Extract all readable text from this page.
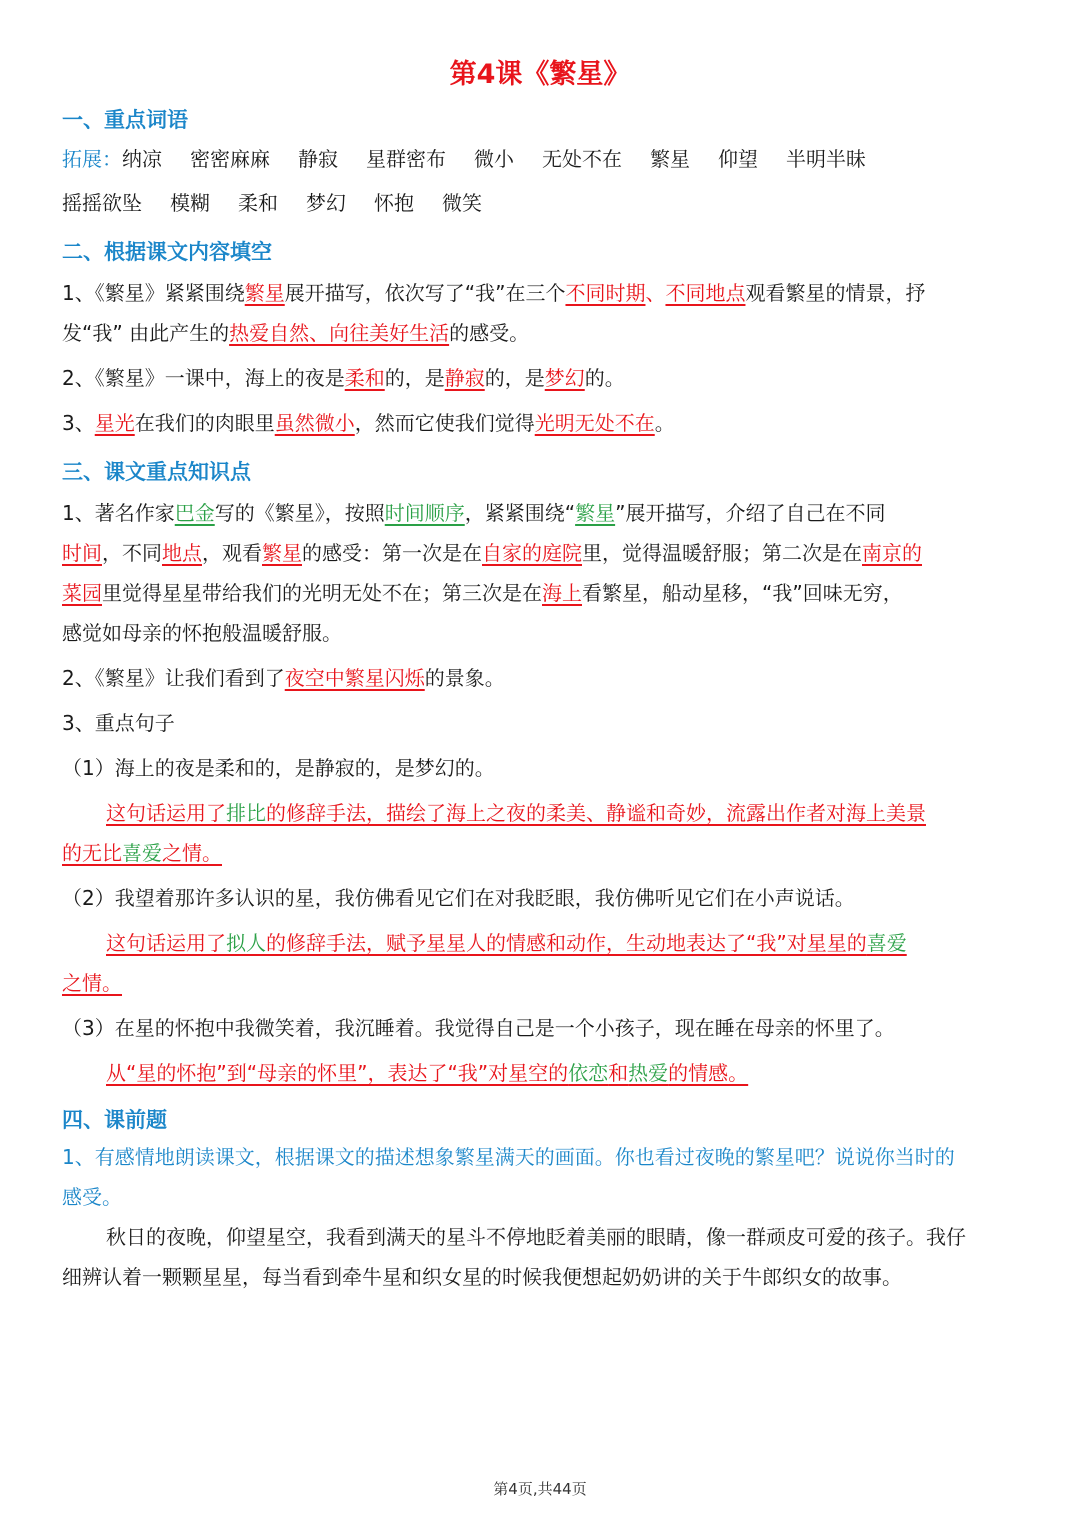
第4课《繁星》
一、重点词语
拓展：纳凉 密密麻麻 静寂 星群密布 微小 无处不在 繁星 仰望 半明半昧
摇摇欲坠 模糊 柔和 梦幻 怀抱 微笑
二、根据课文内容填空
1、《繁星》紧紧围绕繁星展开描写，依次写了“我”在三个不同时期、不同地点观看繁星的情景，抒
发“我” 由此产生的热爱自然、向往美好生活的感受。
2、《繁星》一课中，海上的夜是柔和的，是静寂的，是梦幻的。
3、星光在我们的肉眼里虽然微小，然而它使我们觉得光明无处不在。
三、课文重点知识点
1、著名作家巴金写的《繁星》，按照时间顺序，紧紧围绕“繁星”展开描写，介绍了自己在不同
时间，不同地点，观看繁星的感受：第一次是在自家的庭院里，觉得温暖舒服；第二次是在南京的
菜园里觉得星星带给我们的光明无处不在；第三次是在海上看繁星，船动星移，“我”回味无穷，
感觉如母亲的怀抱般温暖舒服。
2、《繁星》让我们看到了夜空中繁星闪烁的景象。
3、重点句子
（1）海上的夜是柔和的，是静寂的，是梦幻的。
这句话运用了排比的修辞手法，描绘了海上之夜的柔美、静谧和奇妙，流露出作者对海上美景
的无比喜爱之情。
（2）我望着那许多认识的星，我仿佛看见它们在对我眨眼，我仿佛听见它们在小声说话。
这句话运用了拟人的修辞手法，赋予星星人的情感和动作，生动地表达了“我”对星星的喜爱
之情。
（3）在星的怀抱中我微笑着，我沉睡着。我觉得自己是一个小孩子，现在睡在母亲的怀里了。
从“星的怀抱”到“母亲的怀里”，表达了“我”对星空的依恋和热爱的情感。
四、课前题
1、有感情地朗读课文，根据课文的描述想象繁星满天的画面。你也看过夜晚的繁星吧？说说你当时的
感受。
秋日的夜晚，仰望星空，我看到满天的星斗不停地眨着美丽的眼睛，像一群顽皮可爱的孩子。我仔
细辨认着一颗颗星星，每当看到牵牛星和织女星的时候我便想起奶奶讲的关于牛郎织女的故事。
第4页,共44页
